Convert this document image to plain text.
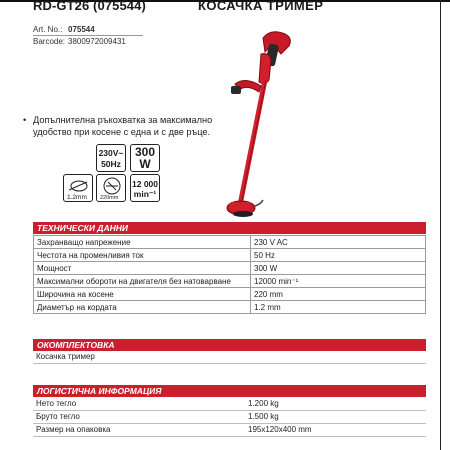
RD-GT26 (075544)	КОСАЧКА ТРИМЕР
Art. No.: 075544
Barcode: 3800972009431
• Допълнителна ръкохватка за максимално удобство при косене с една и с две ръце.
230V~
50Hz
300
W
1.2mm 220mm
12 000
min⁻¹
ТЕХНИЧЕСКИ ДАННИ
Захранващо напрежение	230 V AC
Честота на променливия ток	50 Hz
Мощност	300 W
Максимални обороти на двигателя без натоварване	12000 min⁻¹
Широчина на косене	220 mm
Диаметър на кордата	1.2 mm
ОКОМПЛЕКТОВКА
Косачка тример
ЛОГИСТИЧНА ИНФОРМАЦИЯ
Нето тегло	1.200 kg
Бруто тегло	1.500 kg
Размер на опаковка	195x120x400 mm
